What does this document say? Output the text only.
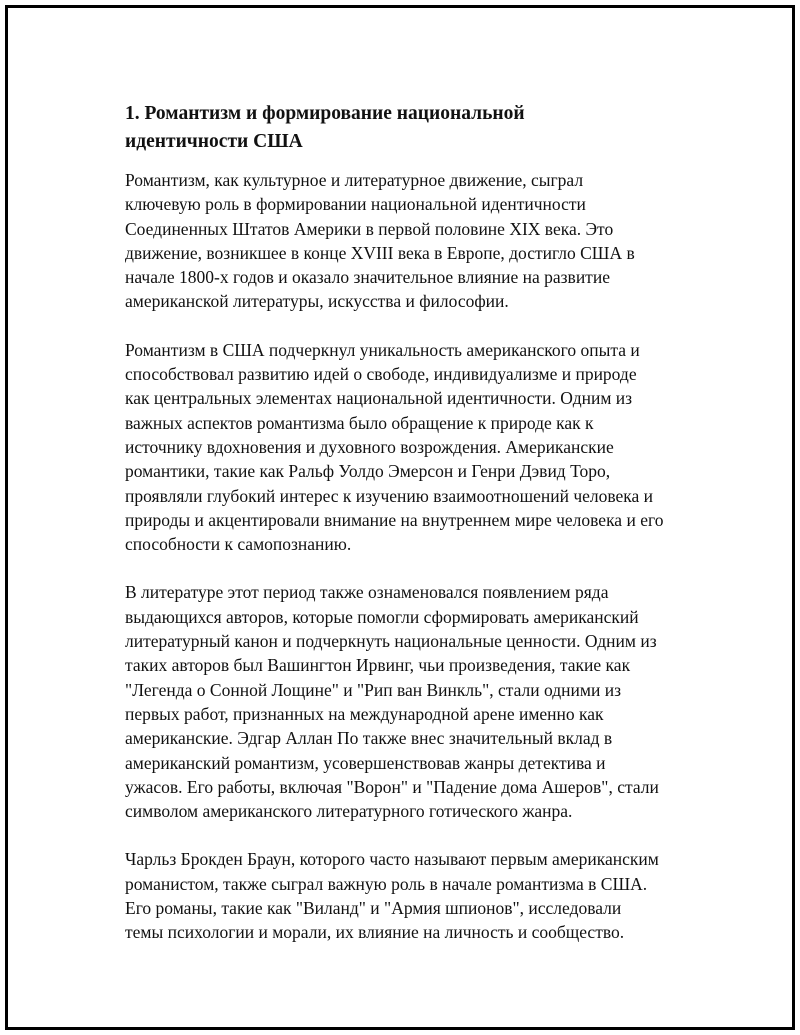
1. Романтизм и формирование национальной
идентичности США

Романтизм, как культурное и литературное движение, сыграл
ключевую роль в формировании национальной идентичности
Соединенных Штатов Америки в первой половине XIX века. Это
движение, возникшее в конце XVIII века в Европе, достигло США в
начале 1800-х годов и оказало значительное влияние на развитие
американской литературы, искусства и философии.

Романтизм в США подчеркнул уникальность американского опыта и
способствовал развитию идей о свободе, индивидуализме и природе
как центральных элементах национальной идентичности. Одним из
важных аспектов романтизма было обращение к природе как к
источнику вдохновения и духовного возрождения. Американские
романтики, такие как Ральф Уолдо Эмерсон и Генри Дэвид Торо,
проявляли глубокий интерес к изучению взаимоотношений человека и
природы и акцентировали внимание на внутреннем мире человека и его
способности к самопознанию.

В литературе этот период также ознаменовался появлением ряда
выдающихся авторов, которые помогли сформировать американский
литературный канон и подчеркнуть национальные ценности. Одним из
таких авторов был Вашингтон Ирвинг, чьи произведения, такие как
"Легенда о Сонной Лощине" и "Рип ван Винкль", стали одними из
первых работ, признанных на международной арене именно как
американские. Эдгар Аллан По также внес значительный вклад в
американский романтизм, усовершенствовав жанры детектива и
ужасов. Его работы, включая "Ворон" и "Падение дома Ашеров", стали
символом американского литературного готического жанра.

Чарльз Брокден Браун, которого часто называют первым американским
романистом, также сыграл важную роль в начале романтизма в США.
Его романы, такие как "Виланд" и "Армия шпионов", исследовали
темы психологии и морали, их влияние на личность и сообщество.
